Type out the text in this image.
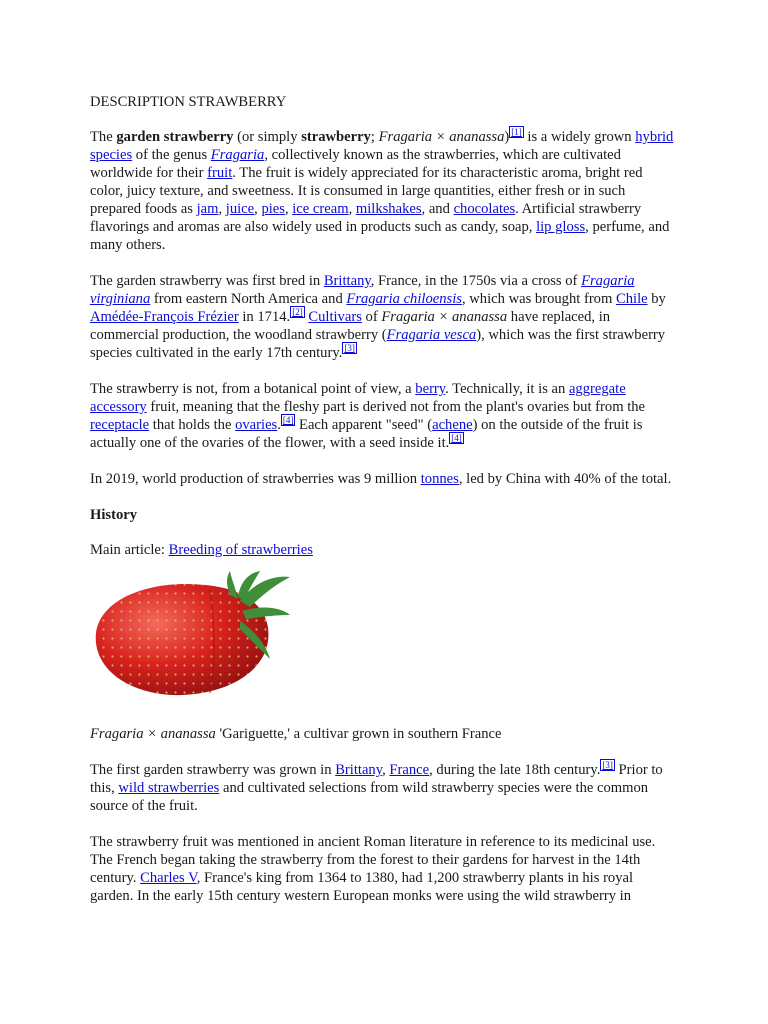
DESCRIPTION STRAWBERRY

The garden strawberry (or simply strawberry; Fragaria × ananassa) [1] is a widely grown hybrid species of the genus Fragaria, collectively known as the strawberries, which are cultivated worldwide for their fruit. The fruit is widely appreciated for its characteristic aroma, bright red color, juicy texture, and sweetness. It is consumed in large quantities, either fresh or in such prepared foods as jam, juice, pies, ice cream, milkshakes, and chocolates. Artificial strawberry flavorings and aromas are also widely used in products such as candy, soap, lip gloss, perfume, and many others.

The garden strawberry was first bred in Brittany, France, in the 1750s via a cross of Fragaria virginiana from eastern North America and Fragaria chiloensis, which was brought from Chile by Amédée-François Frézier in 1714. [2] Cultivars of Fragaria × ananassa have replaced, in commercial production, the woodland strawberry (Fragaria vesca), which was the first strawberry species cultivated in the early 17th century. [3]

The strawberry is not, from a botanical point of view, a berry. Technically, it is an aggregate accessory fruit, meaning that the fleshy part is derived not from the plant's ovaries but from the receptacle that holds the ovaries. [4] Each apparent "seed" (achene) on the outside of the fruit is actually one of the ovaries of the flower, with a seed inside it. [4]

In 2019, world production of strawberries was 9 million tonnes, led by China with 40% of the total.

History

Main article: Breeding of strawberries

Fragaria × ananassa 'Gariguette,' a cultivar grown in southern France

The first garden strawberry was grown in Brittany, France, during the late 18th century. [3] Prior to this, wild strawberries and cultivated selections from wild strawberry species were the common source of the fruit.

The strawberry fruit was mentioned in ancient Roman literature in reference to its medicinal use. The French began taking the strawberry from the forest to their gardens for harvest in the 14th century. Charles V, France's king from 1364 to 1380, had 1,200 strawberry plants in his royal garden. In the early 15th century western European monks were using the wild strawberry in
